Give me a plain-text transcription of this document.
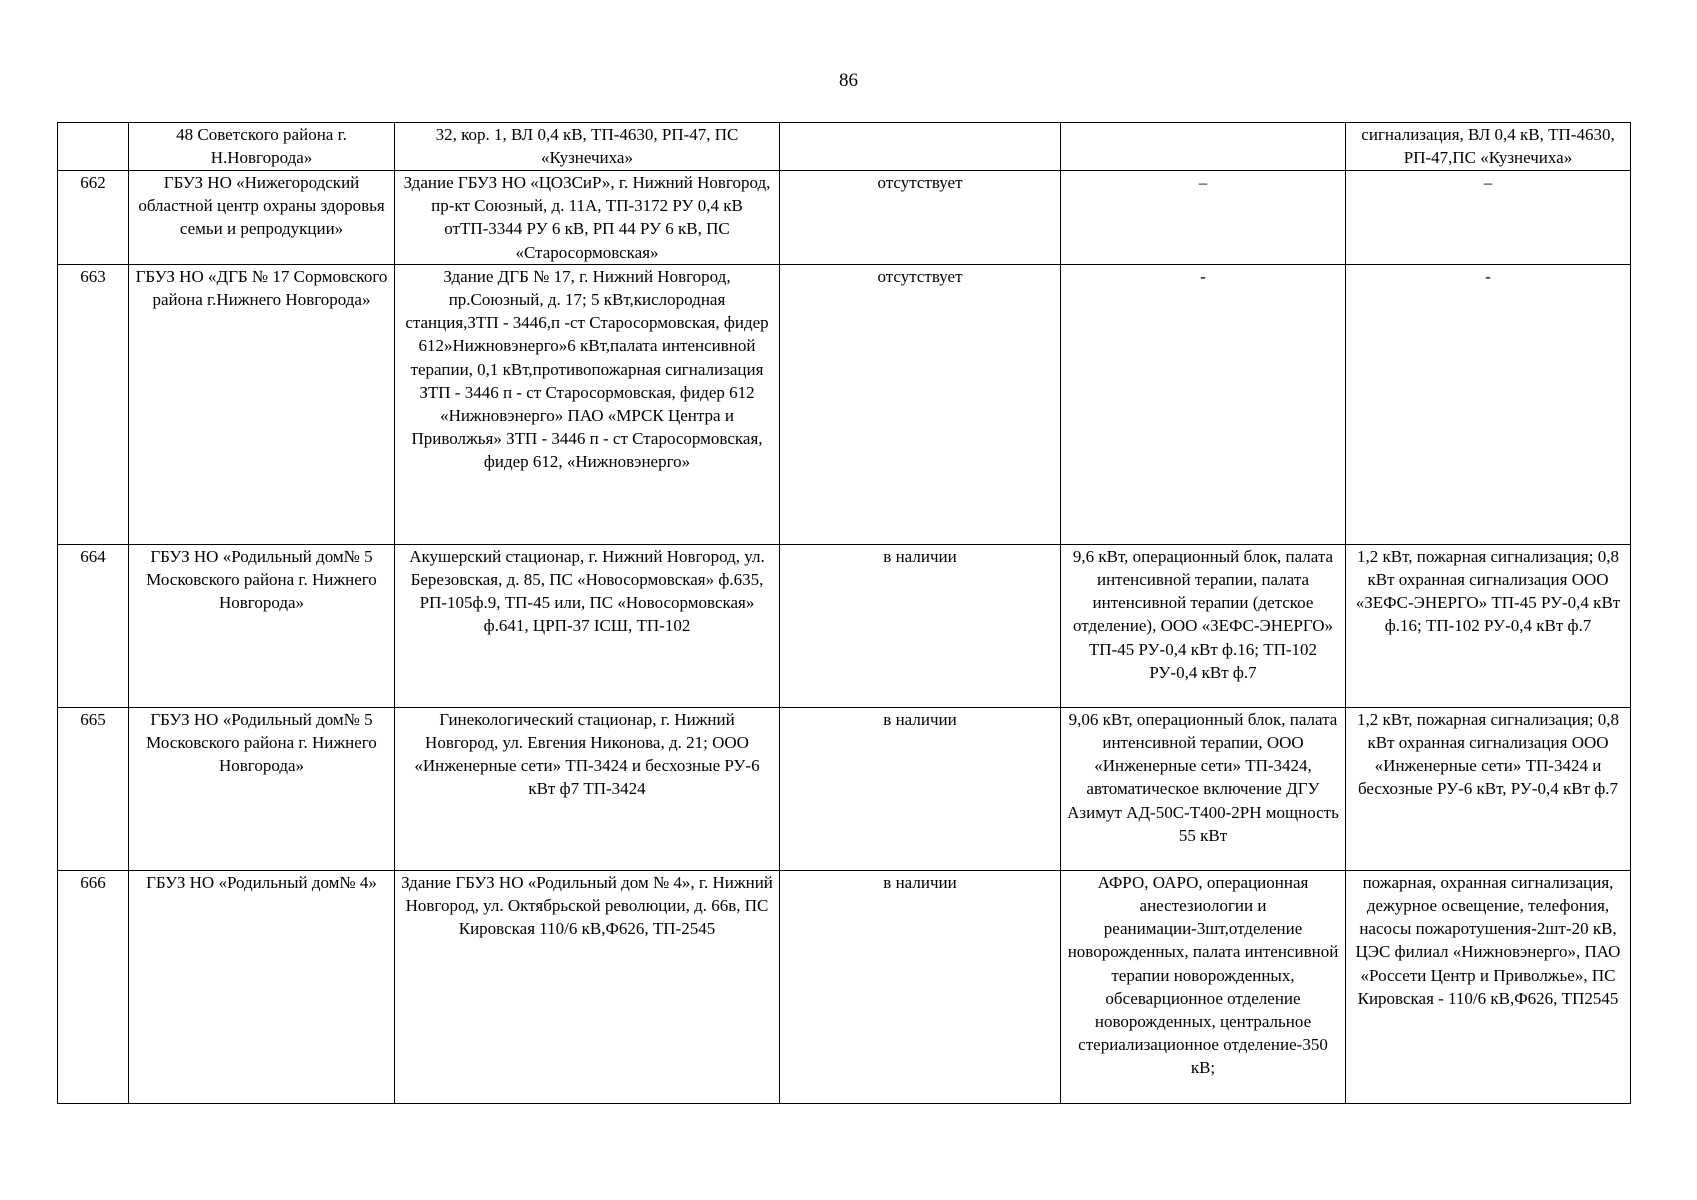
86
	48 Советского района г. Н.Новгорода»	32, кор. 1, ВЛ 0,4 кВ, ТП-4630, РП-47, ПС «Кузнечиха»			сигнализация, ВЛ 0,4 кВ, ТП-4630, РП-47,ПС «Кузнечиха»
662	ГБУЗ НО «Нижегородский областной центр охраны здоровья семьи и репродукции»	Здание ГБУЗ НО «ЦОЗСиР», г. Нижний Новгород, пр-кт Союзный, д. 11А, ТП-3172 РУ 0,4 кВ отТП-3344 РУ 6 кВ, РП 44 РУ 6 кВ, ПС «Старосормовская»	отсутствует	–	–
663	ГБУЗ НО «ДГБ № 17 Сормовского района г.Нижнего Новгорода»	Здание ДГБ № 17, г. Нижний Новгород, пр.Союзный, д. 17; 5 кВт,кислородная станция,ЗТП - 3446,п -ст Старосормовская, фидер 612»Нижновэнерго»6 кВт,палата интенсивной терапии, 0,1 кВт,противопожарная сигнализация ЗТП - 3446 п - ст Старосормовская, фидер 612 «Нижновэнерго» ПАО «МРСК Центра и Приволжья» ЗТП - 3446 п - ст Старосормовская, фидер 612, «Нижновэнерго»	отсутствует	-	-
664	ГБУЗ НО «Родильный дом№ 5 Московского района г. Нижнего Новгорода»	Акушерский стационар, г. Нижний Новгород, ул. Березовская, д. 85, ПС «Новосормовская» ф.635, РП-105ф.9, ТП-45 или, ПС «Новосормовская» ф.641, ЦРП-37 IСШ, ТП-102	в наличии	9,6 кВт, операционный блок, палата интенсивной терапии, палата интенсивной терапии (детское отделение), ООО «ЗЕФС-ЭНЕРГО» ТП-45 РУ-0,4 кВт ф.16; ТП-102 РУ-0,4 кВт ф.7	1,2 кВт, пожарная сигнализация; 0,8 кВт охранная сигнализация ООО «ЗЕФС-ЭНЕРГО» ТП-45 РУ-0,4 кВт ф.16; ТП-102 РУ-0,4 кВт ф.7
665	ГБУЗ НО «Родильный дом№ 5 Московского района г. Нижнего Новгорода»	Гинекологический стационар, г. Нижний Новгород, ул. Евгения Никонова, д. 21; ООО «Инженерные сети» ТП-3424 и бесхозные РУ-6 кВт ф7 ТП-3424	в наличии	9,06 кВт, операционный блок, палата интенсивной терапии, ООО «Инженерные сети» ТП-3424, автоматическое включение ДГУ Азимут АД-50С-Т400-2РН мощность 55 кВт	1,2 кВт, пожарная сигнализация; 0,8 кВт охранная сигнализация ООО «Инженерные сети» ТП-3424 и бесхозные РУ-6 кВт, РУ-0,4 кВт ф.7
666	ГБУЗ НО «Родильный дом№ 4»	Здание ГБУЗ НО «Родильный дом № 4», г. Нижний Новгород, ул. Октябрьской революции, д. 66в, ПС Кировская 110/6 кВ,Ф626, ТП-2545	в наличии	АФРО, ОАРО, операционная анестезиологии и реанимации-3шт,отделение новорожденных, палата интенсивной терапии новорожденных, обсеварционное отделение новорожденных, центральное стериализационное отделение-350 кВ;	пожарная, охранная сигнализация, дежурное освещение, телефония, насосы пожаротушения-2шт-20 кВ, ЦЭС филиал «Нижновэнерго», ПАО «Россети Центр и Приволжье», ПС Кировская - 110/6 кВ,Ф626, ТП2545
